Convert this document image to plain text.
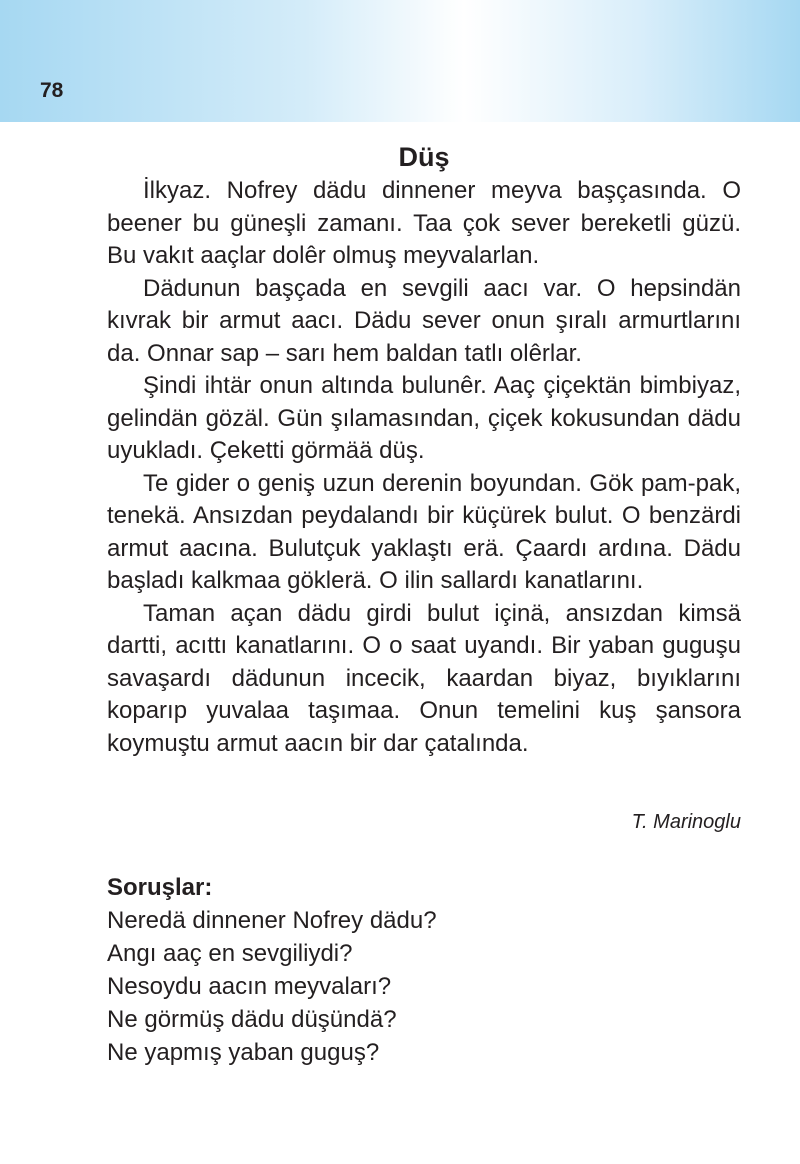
78
Düş

İlkyaz. Nofrey dädu dinnener meyva başçasında. O beener bu güneşli zamanı. Taa çok sever bereketli güzü. Bu vakıt aaçlar dolêr olmuş meyvalarlan.

Dädunun başçada en sevgili aacı var. O hepsindän kıvrak bir armut aacı. Dädu sever onun şıralı armurtlarını da. Onnar sap – sarı hem baldan tatlı olêrlar.

Şindi ihtär onun altında bulunêr. Aaç çiçektän bimbiyaz, gelindän gözäl. Gün şılamasından, çiçek kokusundan dädu uyukladı. Çeketti görmää düş.

Te gider o geniş uzun derenin boyundan. Gök pam-pak, tenekä. Ansızdan peydalandı bir küçürek bulut. O benzärdi armut aacına. Bulutçuk yaklaştı erä. Çaardı ardına. Dädu başladı kalkmaa göklerä. O ilin sallardı kanatlarını.

Taman açan dädu girdi bulut içinä, ansızdan kimsä dartti, acıttı kanatlarını. O o saat uyandı. Bir yaban guguşu savaşardı dädunun incecik, kaardan biyaz, bıyıklarını koparıp yuvalaa taşımaa. Onun temelini kuş şansora koymuştu armut aacın bir dar çatalında.

T. Marinoglu
Soruşlar:
Neredä dinnener Nofrey dädu?
Angı aaç en sevgiliydi?
Nesoydu aacın meyvaları?
Ne görmüş dädu düşündä?
Ne yapmış yaban guguş?
